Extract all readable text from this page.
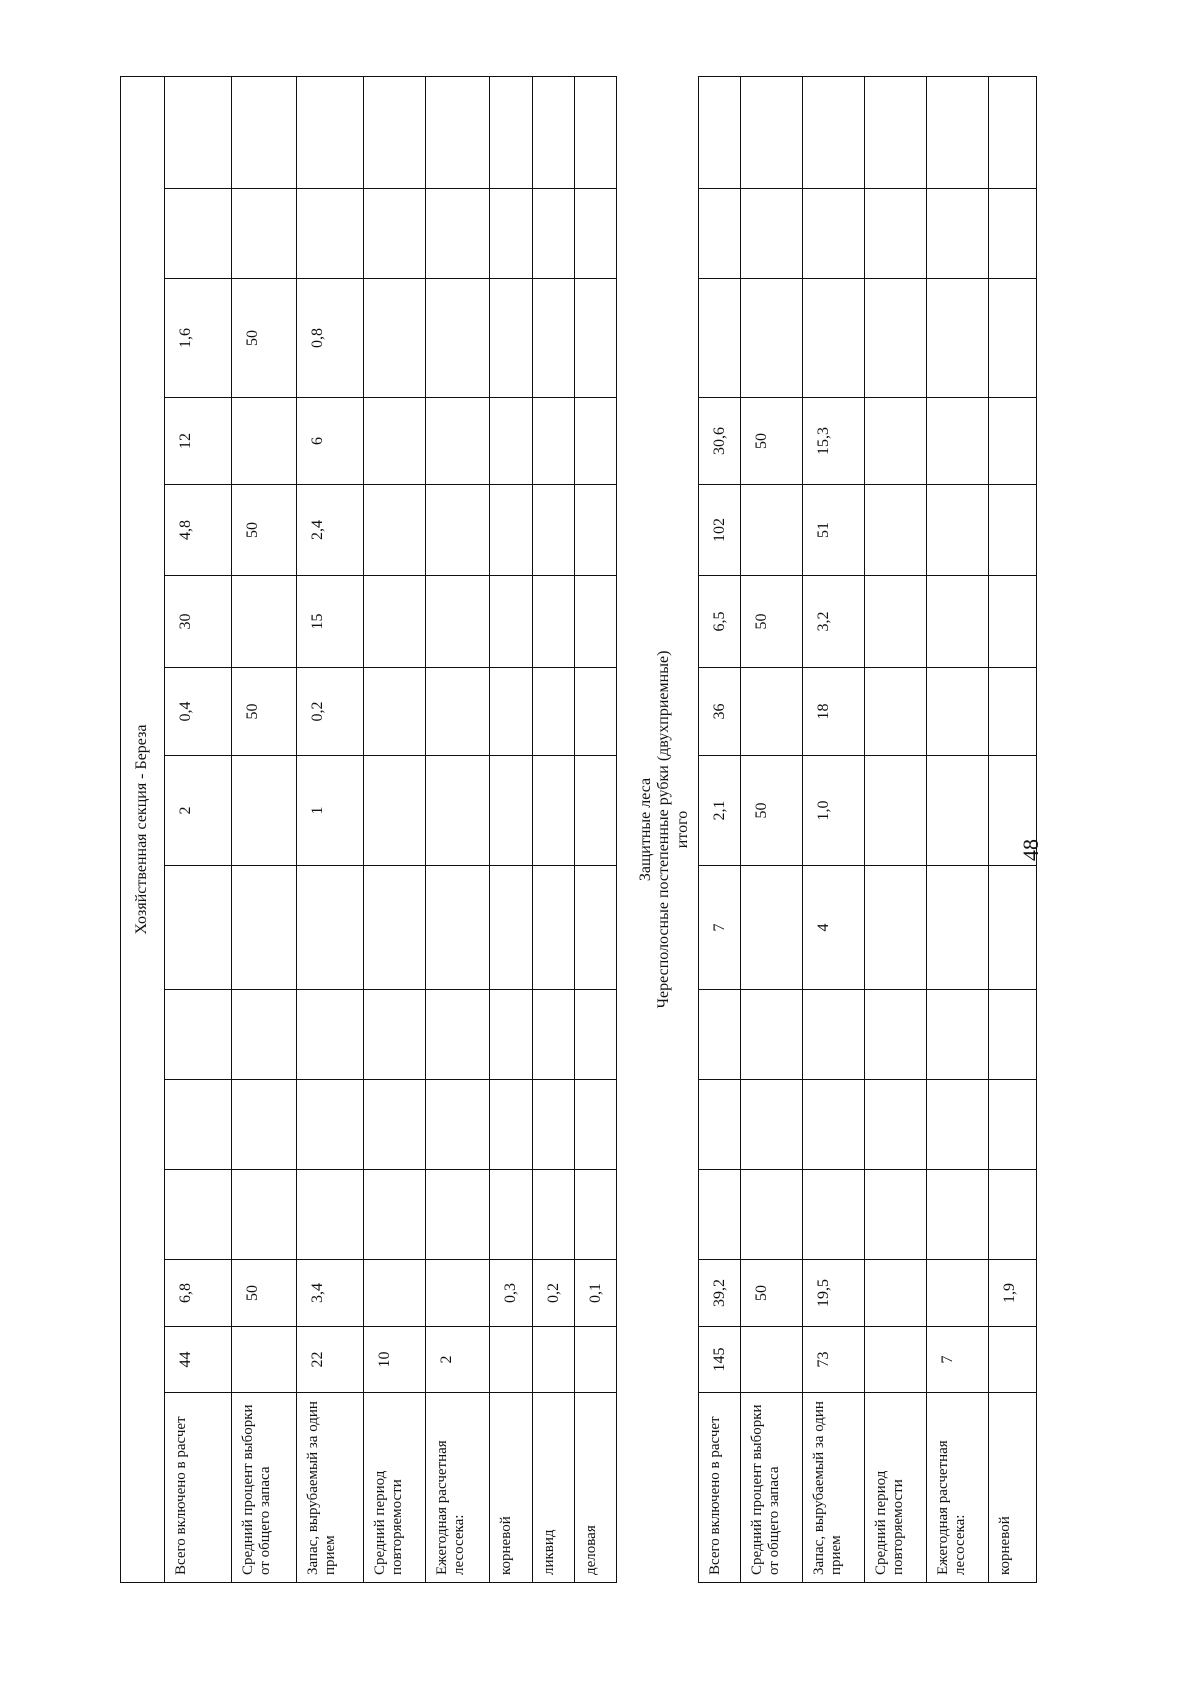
Хозяйственная секция - Береза														
Всего включено в расчет	44	6,8					2	0,4	30	4,8	12	1,6		
Средний процент выборки от общего запаса		50						50		50		50		
Запас, вырубаемый за один прием	22	3,4					1	0,2	15	2,4	6	0,8		
Средний период повторяемости	10													
Ежегодная расчетная лесосека:	2													
корневой		0,3												
ликвид		0,2												
деловая		0,1												

Защитные леса Чересполосные постепенные рубки (двухприемные) итого														

Всего включено в расчет	145	39,2				7	2,1	36	6,5	102	30,6			
Средний процент выборки от общего запаса		50					50		50		50			
Запас, вырубаемый за один прием	73	19,5				4	1,0	18	3,2	51	15,3			
Средний период повторяемости														
Ежегодная расчетная лесосека:	7													
корневой		1,9												
48
